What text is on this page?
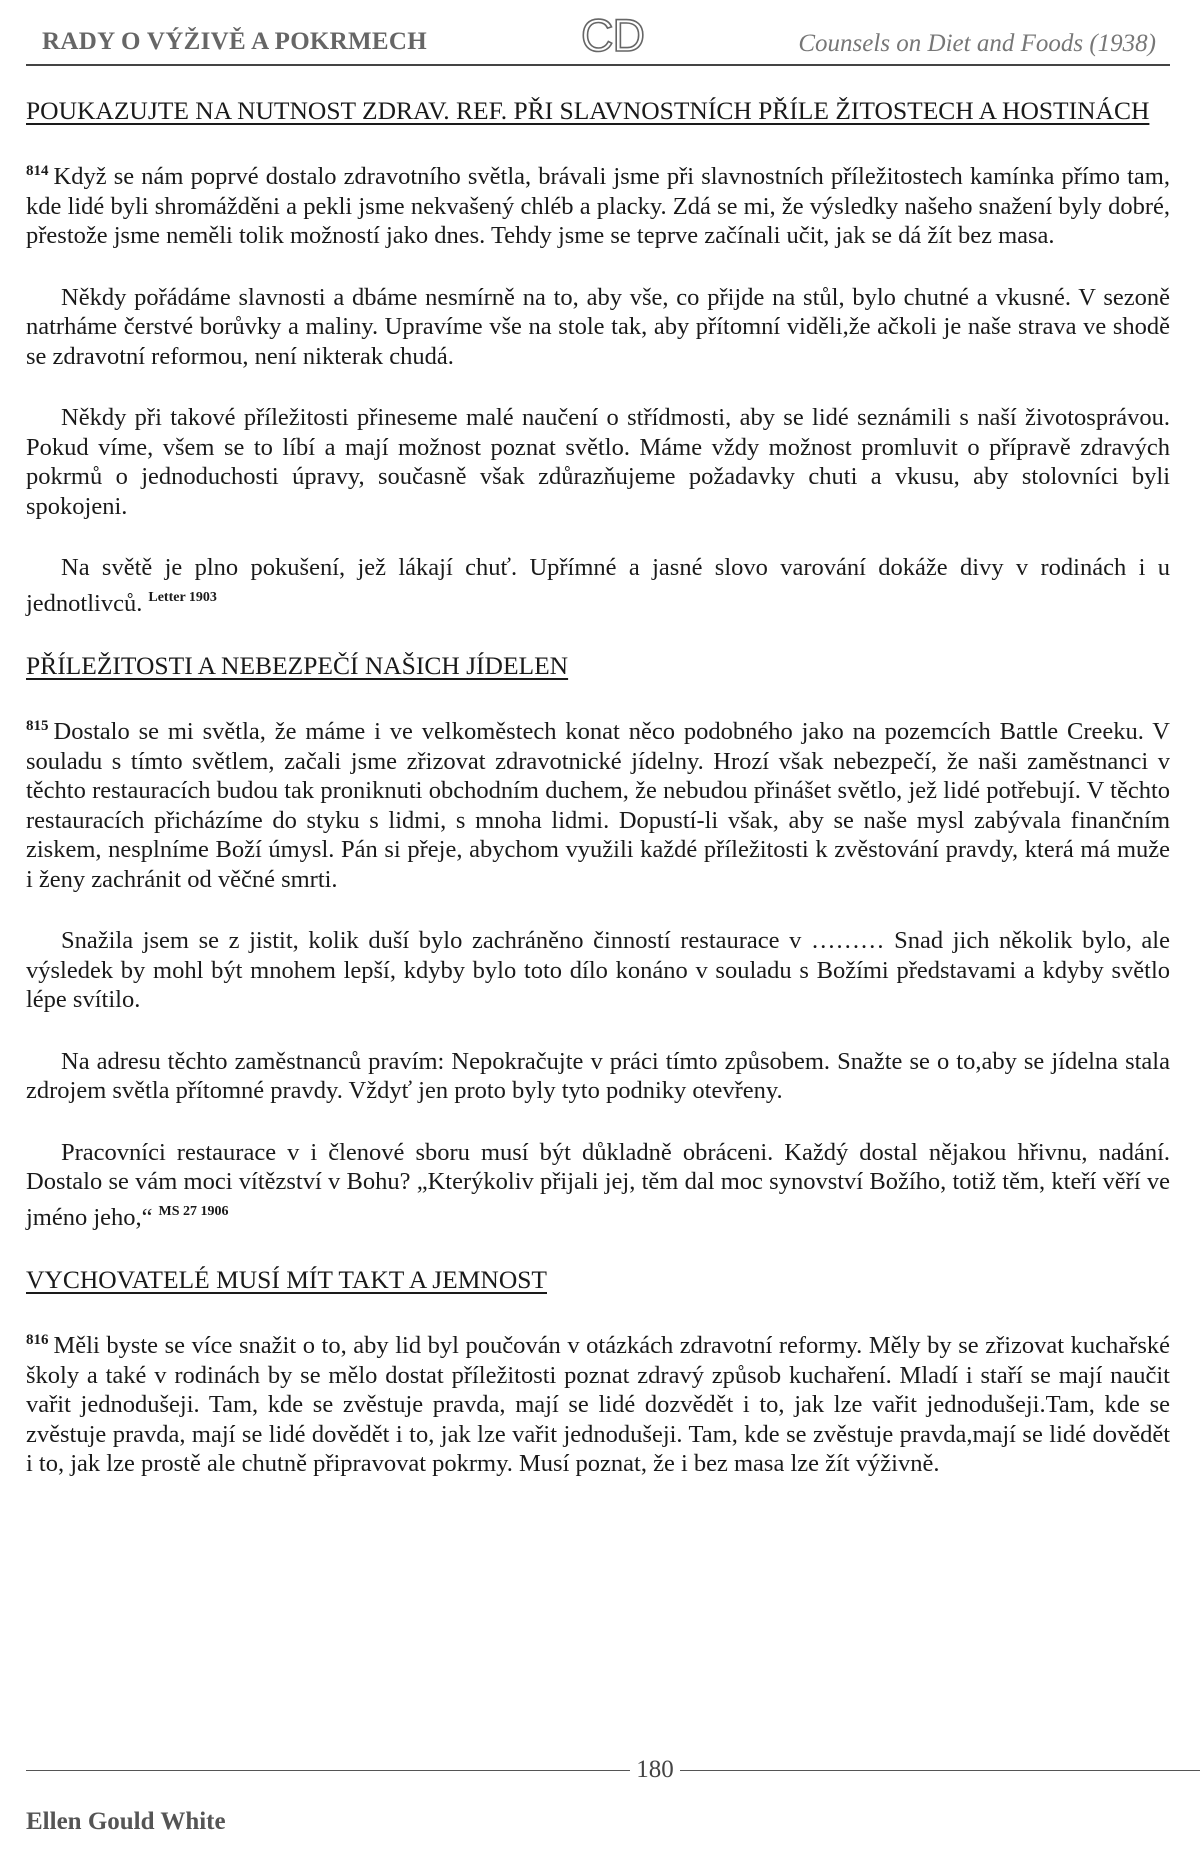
RADY O VÝŽIVĚ A POKRMECH	CD	Counsels on Diet and Foods (1938)
POUKAZUJTE NA NUTNOST ZDRAV. REF. PŘI SLAVNOSTNÍCH PŘÍLE ŽITOSTECH A HOSTINÁCH

$^{814}$ Když se nám poprvé dostalo zdravotního světla, brávali jsme při slavnostních příležitostech kamínka přímo tam, kde lidé byli shromážděni a pekli jsme nekvašený chléb a placky. Zdá se mi, že výsledky našeho snažení byly dobré, přestože jsme neměli tolik možností jako dnes. Tehdy jsme se teprve začínali učit, jak se dá žít bez masa.

Někdy pořádáme slavnosti a dbáme nesmírně na to, aby vše, co přijde na stůl, bylo chutné a vkusné. V sezoně natrháme čerstvé borůvky a maliny. Upravíme vše na stole tak, aby přítomní viděli,že ačkoli je naše strava ve shodě se zdravotní reformou, není nikterak chudá.

Někdy při takové příležitosti přineseme malé naučení o střídmosti, aby se lidé seznámili s naší životosprávou. Pokud víme, všem se to líbí a mají možnost poznat světlo. Máme vždy možnost promluvit o přípravě zdravých pokrmů o jednoduchosti úpravy, současně však zdůrazňujeme požadavky chuti a vkusu, aby stolovníci byli spokojeni.

Na světě je plno pokušení, jež lákají chuť. Upřímné a jasné slovo varování dokáže divy v rodinách i u jednotlivců. $^{Letter 1903}$

PŘÍLEŽITOSTI A NEBEZPEČÍ NAŠICH JÍDELEN

$^{815}$ Dostalo se mi světla, že máme i ve velkoměstech konat něco podobného jako na pozemcích Battle Creeku. V souladu s tímto světlem, začali jsme zřizovat zdravotnické jídelny. Hrozí však nebezpečí, že naši zaměstnanci v těchto restauracích budou tak proniknuti obchodním duchem, že nebudou přinášet světlo, jež lidé potřebují. V těchto restauracích přicházíme do styku s lidmi, s mnoha lidmi. Dopustí-li však, aby se naše mysl zabývala finančním ziskem, nesplníme Boží úmysl. Pán si přeje, abychom využili každé příležitosti k zvěstování pravdy, která má muže i ženy zachránit od věčné smrti.

Snažila jsem se z jistit, kolik duší bylo zachráněno činností restaurace v ……… Snad jich několik bylo, ale výsledek by mohl být mnohem lepší, kdyby bylo toto dílo konáno v souladu s Božími představami a kdyby světlo lépe svítilo.

Na adresu těchto zaměstnanců pravím: Nepokračujte v práci tímto způsobem. Snažte se o to,aby se jídelna stala zdrojem světla přítomné pravdy. Vždyť jen proto byly tyto podniky otevřeny.

Pracovníci restaurace v i členové sboru musí být důkladně obráceni. Každý dostal nějakou hřivnu, nadání. Dostalo se vám moci vítězství v Bohu? „Kterýkoliv přijali jej, těm dal moc synovství Božího, totiž těm, kteří věří ve jméno jeho,“ $^{MS 27 1906}$

VYCHOVATELÉ MUSÍ MÍT TAKT A JEMNOST

$^{816}$ Měli byste se více snažit o to, aby lid byl poučován v otázkách zdravotní reformy. Měly by se zřizovat kuchařské školy a také v rodinách by se mělo dostat příležitosti poznat zdravý způsob kuchaření. Mladí i staří se mají naučit vařit jednodušeji. Tam, kde se zvěstuje pravda, mají se lidé dozvědět i to, jak lze vařit jednodušeji.Tam, kde se zvěstuje pravda, mají se lidé dovědět i to, jak lze vařit jednodušeji. Tam, kde se zvěstuje pravda,mají se lidé dovědět i to, jak lze prostě ale chutně připravovat pokrmy. Musí poznat, že i bez masa lze žít výživně.

180
Ellen Gould White
